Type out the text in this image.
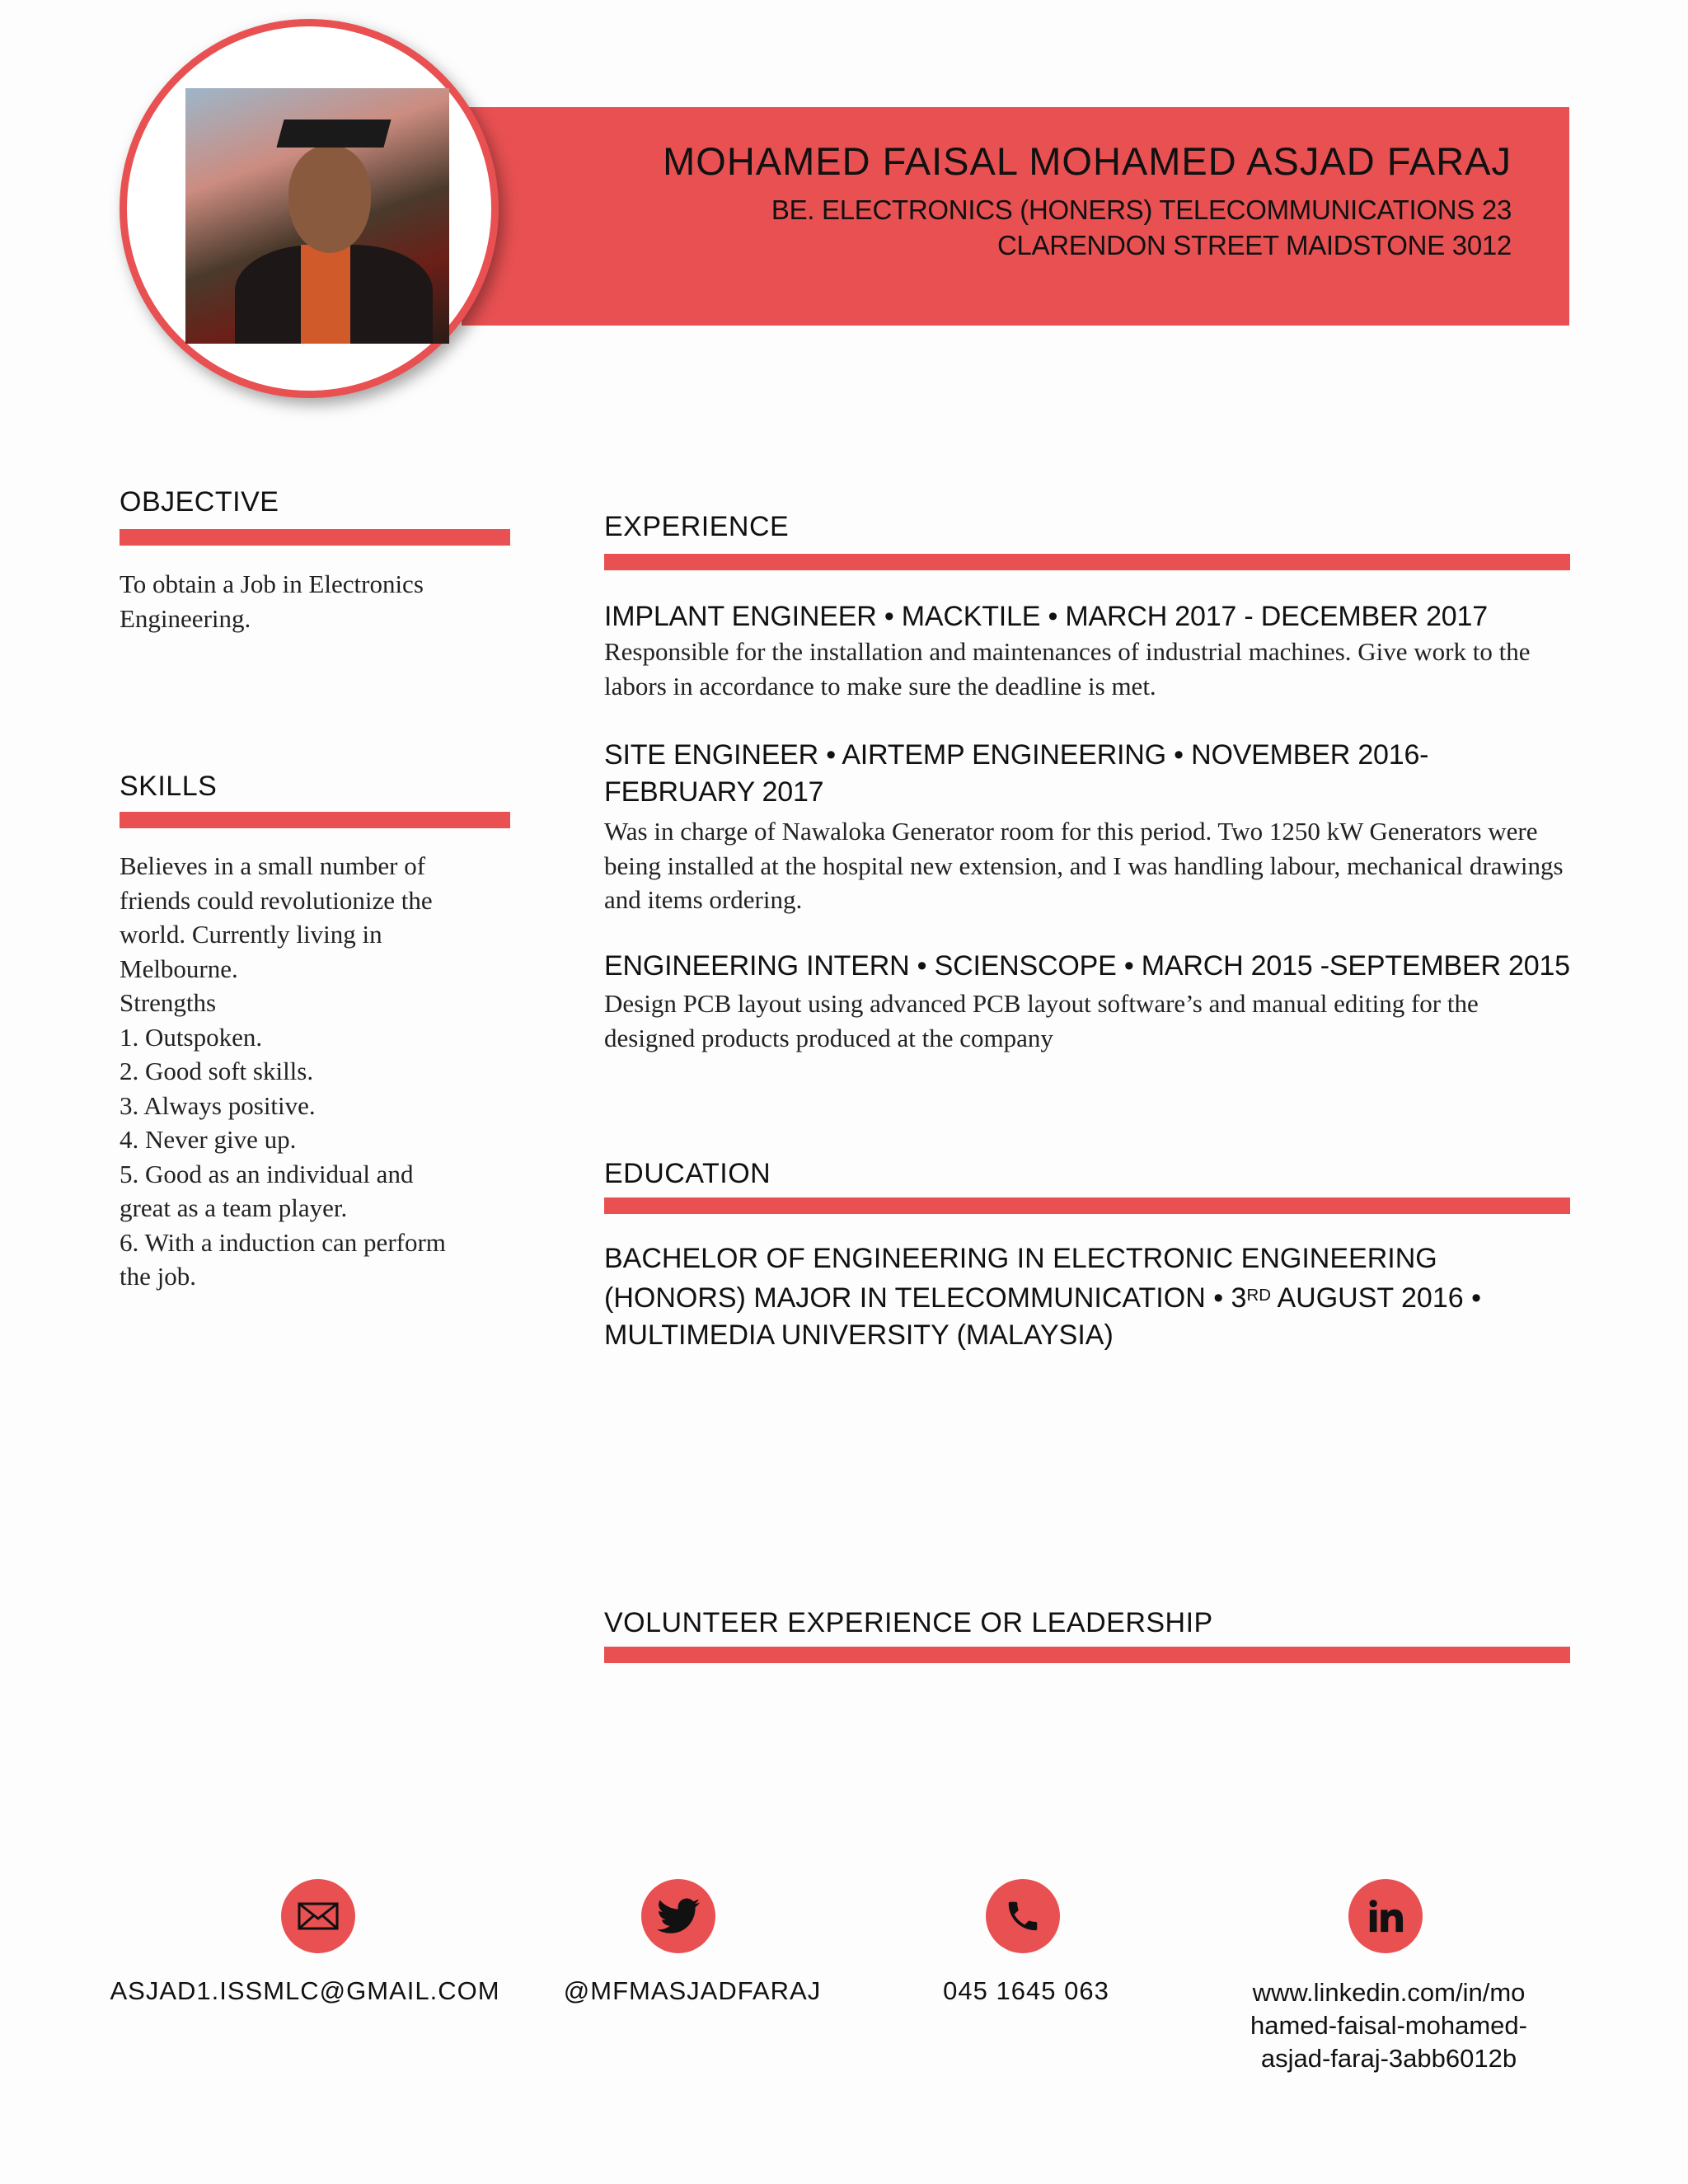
MOHAMED FAISAL MOHAMED ASJAD FARAJ
BE. ELECTRONICS (HONERS) TELECOMMUNICATIONS 23
CLARENDON STREET MAIDSTONE 3012
OBJECTIVE
To obtain a Job in Electronics Engineering.
SKILLS
Believes in a small number of
friends could revolutionize the
world. Currently living in
Melbourne.
Strengths
1. Outspoken.
2. Good soft skills.
3. Always positive.
4. Never give up.
5. Good as an individual and
great as a team player.
6. With a induction can perform
the job.
EXPERIENCE
IMPLANT ENGINEER • MACKTILE • MARCH 2017 - DECEMBER 2017
Responsible for the installation and maintenances of industrial machines. Give work to the labors in accordance to make sure the deadline is met.
SITE ENGINEER • AIRTEMP ENGINEERING • NOVEMBER 2016- FEBRUARY 2017
Was in charge of Nawaloka Generator room for this period. Two 1250 kW Generators were being installed at the hospital new extension, and I was handling labour, mechanical drawings and items ordering.
ENGINEERING INTERN • SCIENSCOPE • MARCH 2015 -SEPTEMBER 2015
Design PCB layout using advanced PCB layout software’s and manual editing for the designed products produced at the company
EDUCATION
BACHELOR OF ENGINEERING IN ELECTRONIC ENGINEERING (HONORS) MAJOR IN TELECOMMUNICATION • 3RD AUGUST 2016 • MULTIMEDIA UNIVERSITY (MALAYSIA)
VOLUNTEER EXPERIENCE OR LEADERSHIP
ASJAD1.ISSMLC@GMAIL.COM	@MFMASJADFARAJ	045 1645 063	www.linkedin.com/in/mo
hamed-faisal-mohamed-
asjad-faraj-3abb6012b
